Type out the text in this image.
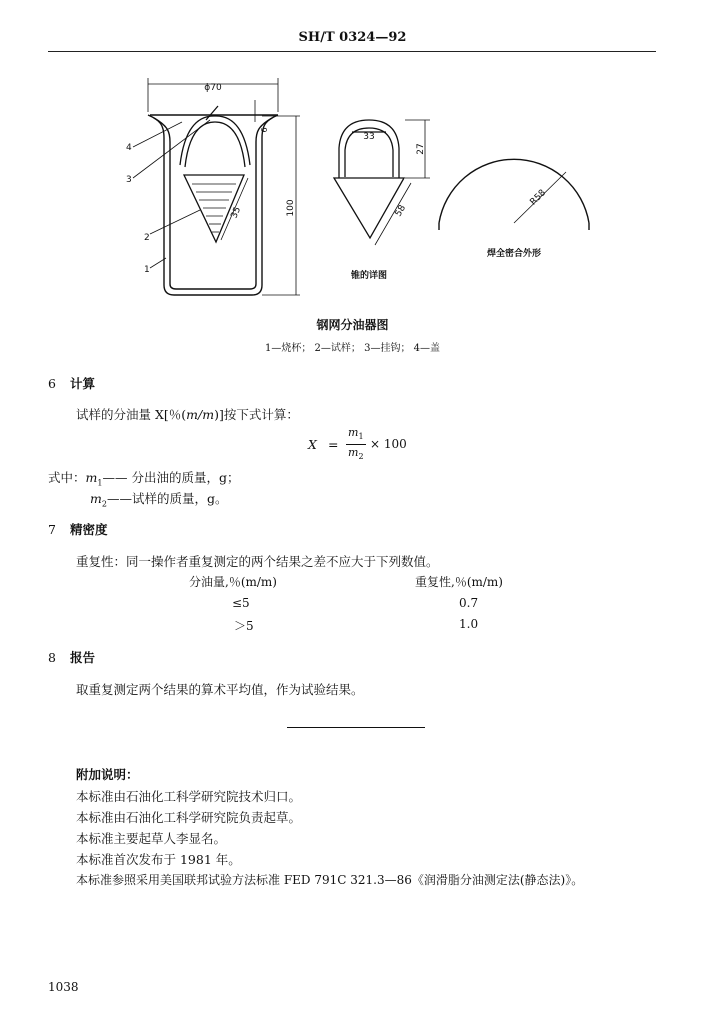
SH/T 0324—92
ϕ70
6
100
35
4
3
2
1
33
27
58
锥的详图
R58
焊全密合外形
钢网分油器图
1—烧杯； 2—试样； 3—挂钩； 4—盖
6 计算
试样的分油量 X[％(m/m)]按下式计算：
X =
$m_1$
$m_2$
× 100
式中：$m_1——$ 分出油的质量，g；
$m_2——$试样的质量，g。
7 精密度
重复性：同一操作者重复测定的两个结果之差不应大于下列数值。
分油量,％(m/m)	重复性,％(m/m)
≤5	0.7
＞5	1.0
8 报告
取重复测定两个结果的算术平均值，作为试验结果。
附加说明：
本标准由石油化工科学研究院技术归口。
本标准由石油化工科学研究院负责起草。
本标准主要起草人李显名。
本标准首次发布于 1981 年。
本标准参照采用美国联邦试验方法标准 FED 791C 321.3—86《润滑脂分油测定法(静态法)》。
1038
